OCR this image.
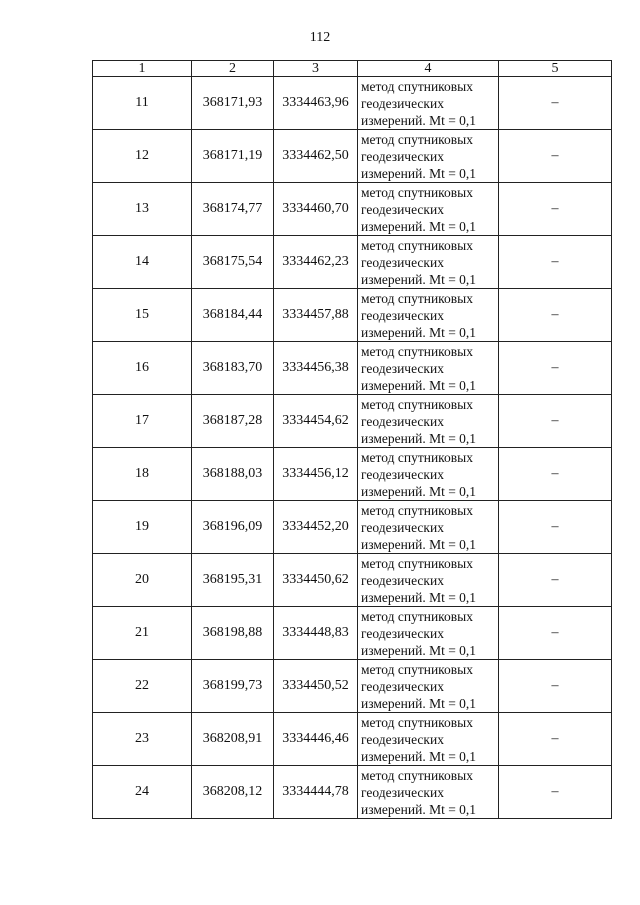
112
1	2	3	4	5
11	368171,93	3334463,96	метод спутниковых
геодезических
измерений. Mt = 0,1	–
12	368171,19	3334462,50	метод спутниковых
геодезических
измерений. Mt = 0,1	–
13	368174,77	3334460,70	метод спутниковых
геодезических
измерений. Mt = 0,1	–
14	368175,54	3334462,23	метод спутниковых
геодезических
измерений. Mt = 0,1	–
15	368184,44	3334457,88	метод спутниковых
геодезических
измерений. Mt = 0,1	–
16	368183,70	3334456,38	метод спутниковых
геодезических
измерений. Mt = 0,1	–
17	368187,28	3334454,62	метод спутниковых
геодезических
измерений. Mt = 0,1	–
18	368188,03	3334456,12	метод спутниковых
геодезических
измерений. Mt = 0,1	–
19	368196,09	3334452,20	метод спутниковых
геодезических
измерений. Mt = 0,1	–
20	368195,31	3334450,62	метод спутниковых
геодезических
измерений. Mt = 0,1	–
21	368198,88	3334448,83	метод спутниковых
геодезических
измерений. Mt = 0,1	–
22	368199,73	3334450,52	метод спутниковых
геодезических
измерений. Mt = 0,1	–
23	368208,91	3334446,46	метод спутниковых
геодезических
измерений. Mt = 0,1	–
24	368208,12	3334444,78	метод спутниковых
геодезических
измерений. Mt = 0,1	–
